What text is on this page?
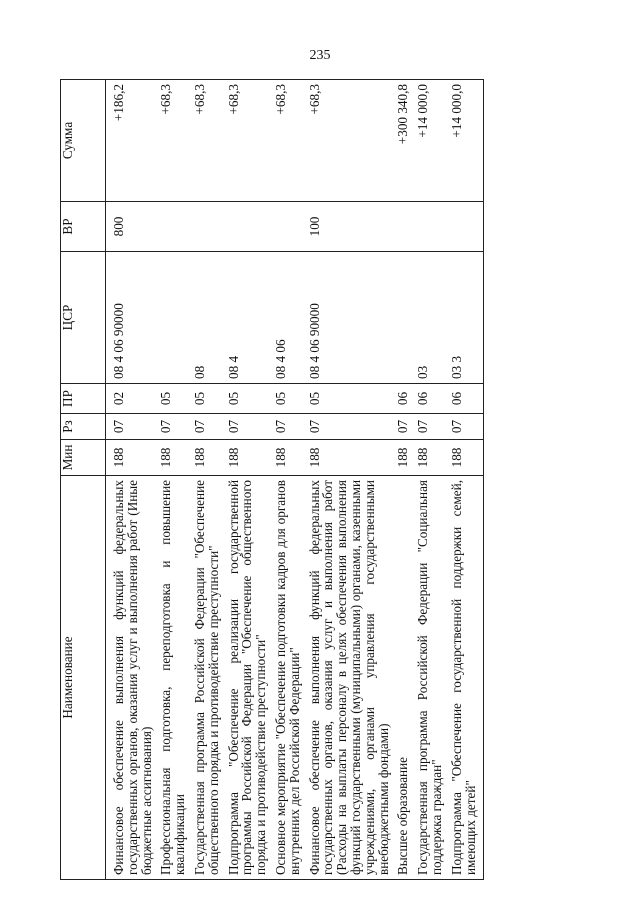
235
Наименование	Мин	Рз	ПР	ЦСР	ВР	Сумма
Финансовое обеспечение выполнения функций федеральных государственных органов, оказания услуг и выполнения работ (Иные бюджетные ассигнования)	188	07	02	08 4 06 90000	800	+186,2
Профессиональная подготовка, переподготовка и повышение квалификации	188	07	05			+68,3
Государственная программа Российской Федерации "Обеспечение общественного порядка и противодействие преступности"	188	07	05	08		+68,3
Подпрограмма "Обеспечение реализации государственной программы Российской Федерации "Обеспечение общественного порядка и противодействие преступности"	188	07	05	08 4		+68,3
Основное мероприятие "Обеспечение подготовки кадров для органов внутренних дел Российской Федерации"	188	07	05	08 4 06		+68,3
Финансовое обеспечение выполнения функций федеральных государственных органов, оказания услуг и выполнения работ (Расходы на выплаты персоналу в целях обеспечения выполнения функций государственными (муниципальными) органами, казенными учреждениями, органами управления государственными внебюджетными фондами)	188	07	05	08 4 06 90000	100	+68,3
Высшее образование	188	07	06			+300 340,8
Государственная программа Российской Федерации "Социальная поддержка граждан"	188	07	06	03		+14 000,0
Подпрограмма "Обеспечение государственной поддержки семей, имеющих детей"	188	07	06	03 3		+14 000,0
